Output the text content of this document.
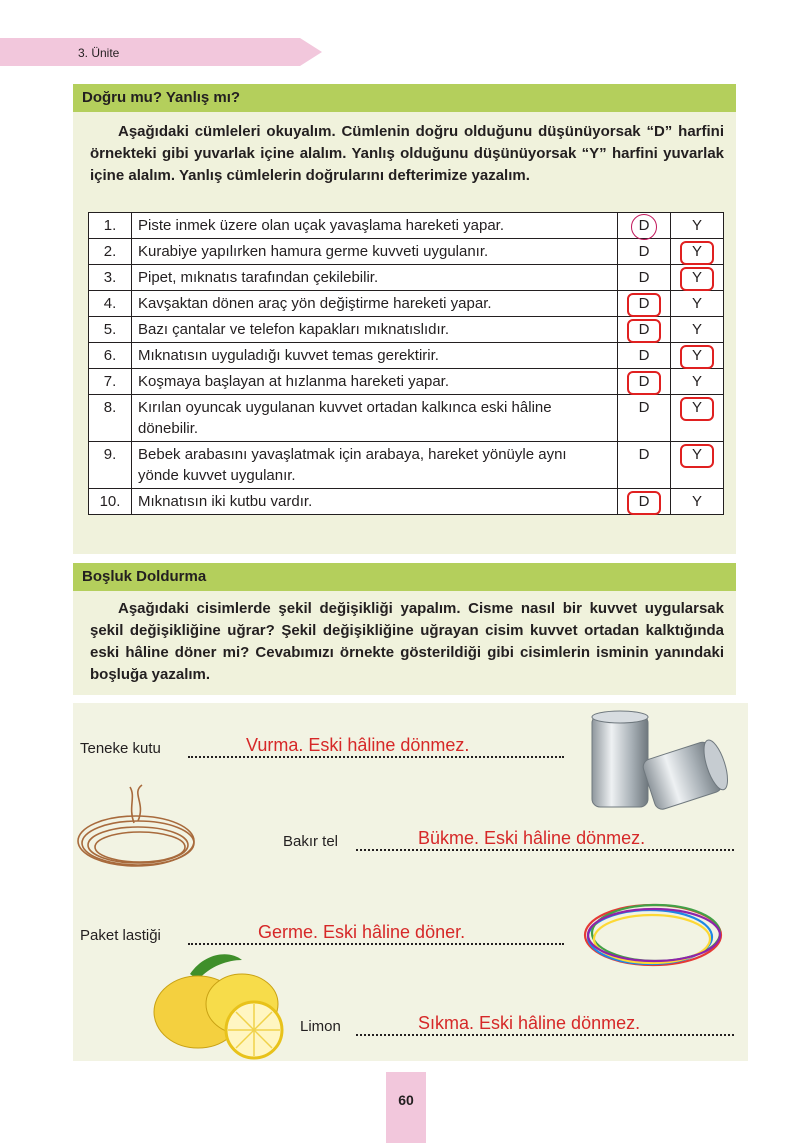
3. Ünite
Doğru mu? Yanlış mı?

Aşağıdaki cümleleri okuyalım. Cümlenin doğru olduğunu düşünüyorsak “D” harfini örnekteki gibi yuvarlak içine alalım. Yanlış olduğunu düşünüyorsak “Y” harfini yuvarlak içine alalım. Yanlış cümlelerin doğrularını defterimize yazalım.

1.	Piste inmek üzere olan uçak yavaşlama hareketi yapar.	D	Y
2.	Kurabiye yapılırken hamura germe kuvveti uygulanır.	D	Y
3.	Pipet, mıknatıs tarafından çekilebilir.	D	Y
4.	Kavşaktan dönen araç yön değiştirme hareketi yapar.	D	Y
5.	Bazı çantalar ve telefon kapakları mıknatıslıdır.	D	Y
6.	Mıknatısın uyguladığı kuvvet temas gerektirir.	D	Y
7.	Koşmaya başlayan at hızlanma hareketi yapar.	D	Y
8.	Kırılan oyuncak uygulanan kuvvet ortadan kalkınca eski hâline dönebilir.	D	Y
9.	Bebek arabasını yavaşlatmak için arabaya, hareket yönüyle aynı yönde kuvvet uygulanır.	D	Y
10.	Mıknatısın iki kutbu vardır.	D	Y
Boşluk Doldurma

Aşağıdaki cisimlerde şekil değişikliği yapalım. Cisme nasıl bir kuvvet uygularsak şekil değişikliğine uğrar? Şekil değişikliğine uğrayan cisim kuvvet ortadan kalktığında eski hâline döner mi? Cevabımızı örnekte gösterildiği gibi cisimlerin isminin yanındaki boşluğa yazalım.

Teneke kutu	Vurma. Eski hâline dönmez.
Bakır tel	Bükme. Eski hâline dönmez.
Paket lastiği	Germe. Eski hâline döner.
Limon	Sıkma. Eski hâline dönmez.
60
